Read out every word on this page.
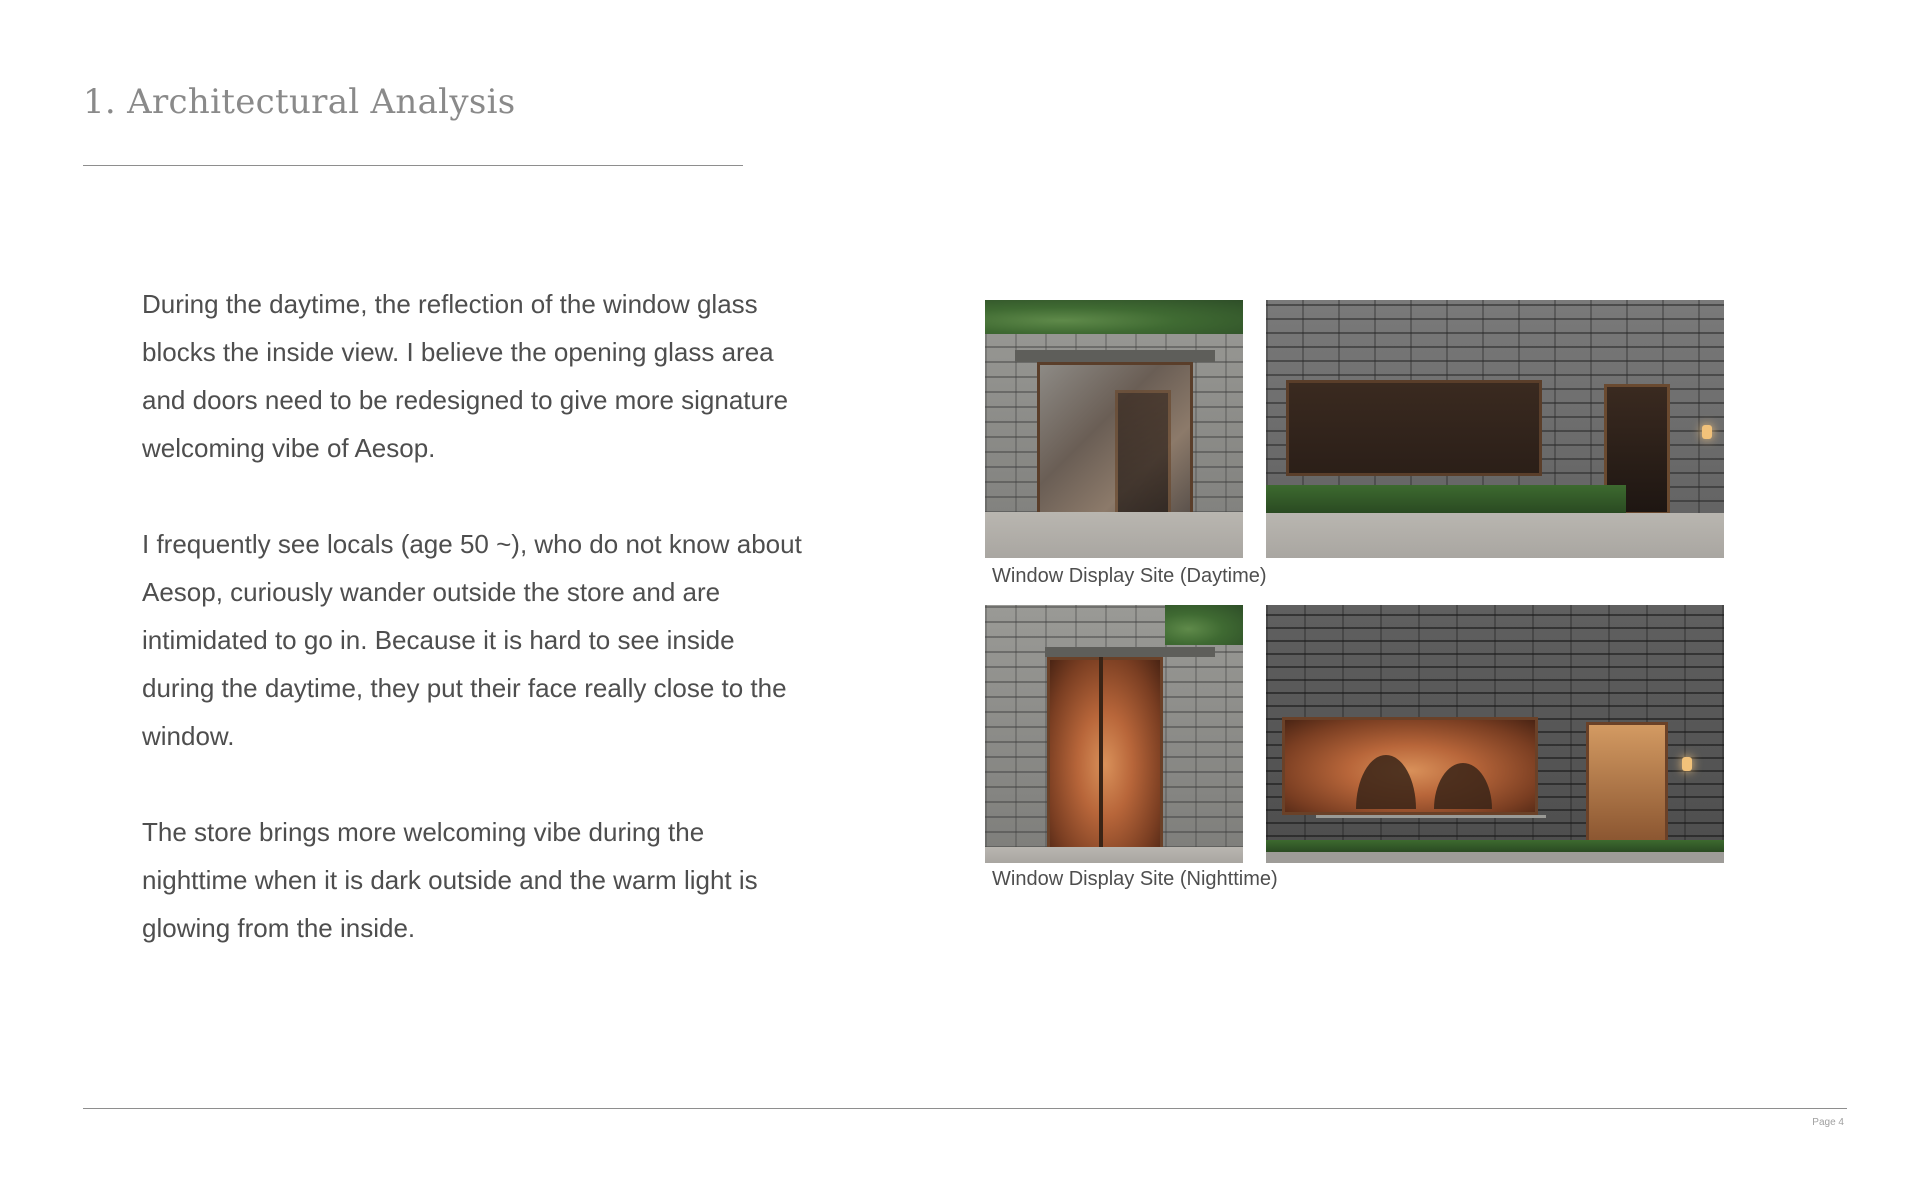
1. Architectural Analysis

During the daytime, the reflection of the window glass blocks the inside view. I believe the opening glass area and doors need to be redesigned to give more signature welcoming vibe of Aesop.

I frequently see locals (age 50 ~), who do not know about Aesop, curiously wander outside the store and are intimidated to go in. Because it is hard to see inside during the daytime, they put their face really close to the window.

The store brings more welcoming vibe during the nighttime when it is dark outside and the warm light is glowing from the inside.

Window Display Site (Daytime)

Window Display Site (Nighttime)

Page 4
